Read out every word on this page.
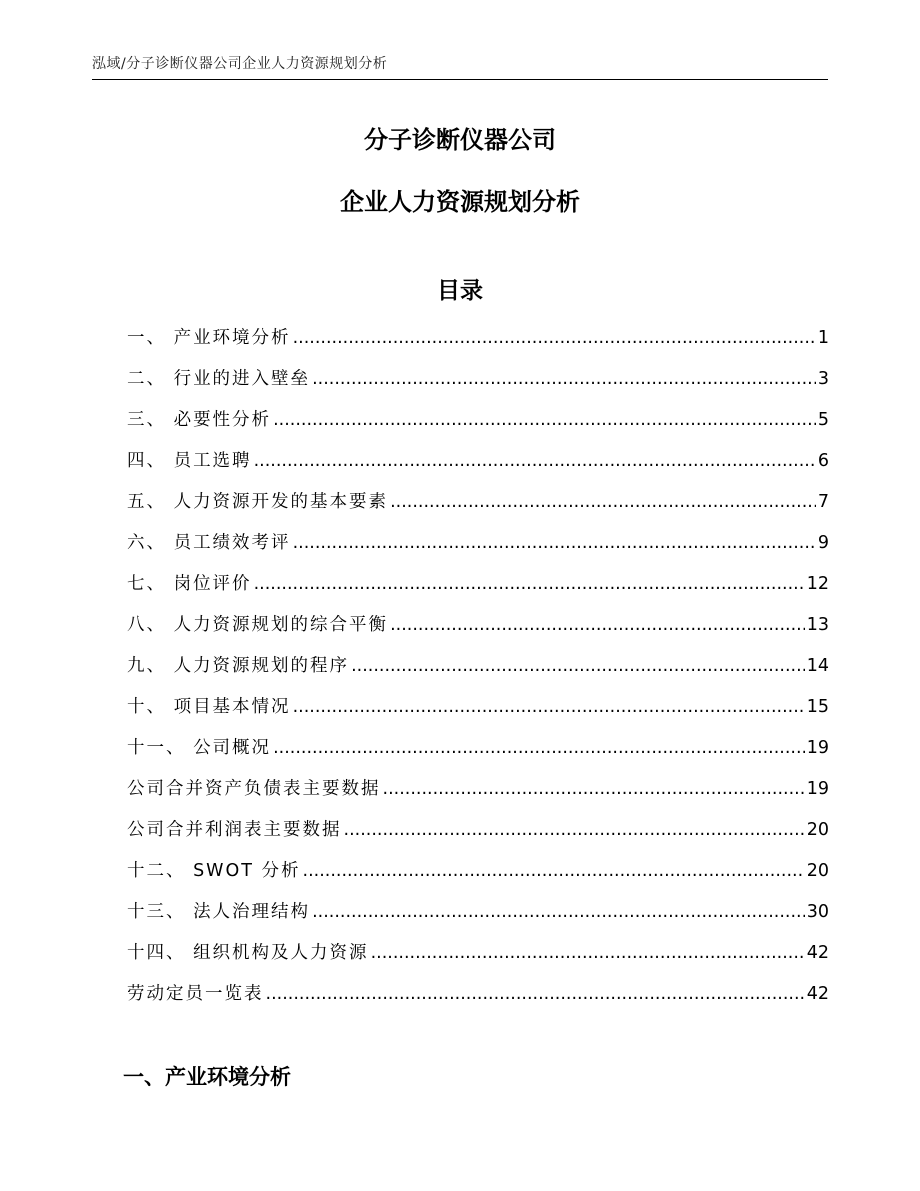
泓域/分子诊断仪器公司企业人力资源规划分析
分子诊断仪器公司
企业人力资源规划分析
目录
一、 产业环境分析 .....	1
二、 行业的进入壁垒 .....	3
三、 必要性分析 .....	5
四、 员工选聘 .....	6
五、 人力资源开发的基本要素 .....	7
六、 员工绩效考评 .....	9
七、 岗位评价 .....	12
八、 人力资源规划的综合平衡 .....	13
九、 人力资源规划的程序 .....	14
十、 项目基本情况 .....	15
十一、 公司概况 .....	19
公司合并资产负债表主要数据 .....	19
公司合并利润表主要数据 .....	20
十二、 SWOT 分析 .....	20
十三、 法人治理结构 .....	30
十四、 组织机构及人力资源 .....	42
劳动定员一览表 .....	42
一、产业环境分析
